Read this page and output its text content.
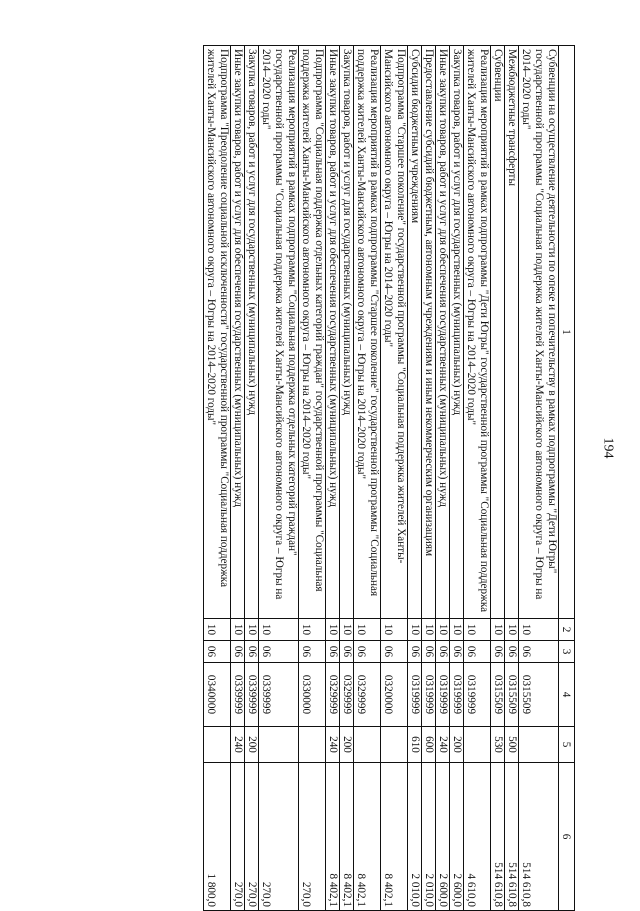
194
1	2	3	4	5	6
Субвенции на осуществление деятельности по опеке и попечительству в рамках подпрограммы "Дети Югры" государственной программы "Социальная поддержка жителей Ханты-Мансийского автономного округа – Югры на 2014–2020 годы"	10	06	0315509		514 610,8
Межбюджетные трансферты	10	06	0315509	500	514 610,8
Субвенции	10	06	0315509	530	514 610,8
Реализация мероприятий в рамках подпрограммы "Дети Югры" государственной программы "Социальная поддержка жителей Ханты-Мансийского автономного округа – Югры на 2014–2020 годы"	10	06	0319999		4 610,0
Закупка товаров, работ и услуг для государственных (муниципальных) нужд	10	06	0319999	200	2 600,0
Иные закупки товаров, работ и услуг для обеспечения государственных (муниципальных) нужд	10	06	0319999	240	2 600,0
Предоставление субсидий бюджетным, автономным учреждениям и иным некоммерческим организациям	10	06	0319999	600	2 010,0
Субсидии бюджетным учреждениям	10	06	0319999	610	2 010,0
Подпрограмма "Старшее поколение" государственной программы "Социальная поддержка жителей Ханты-Мансийского автономного округа – Югры на 2014–2020 годы"	10	06	0320000		8 402,1
Реализация мероприятий в рамках подпрограммы "Старшее поколение" государственной программы "Социальная поддержка жителей Ханты-Мансийского автономного округа – Югры на 2014–2020 годы"	10	06	0329999		8 402,1
Закупка товаров, работ и услуг для государственных (муниципальных) нужд	10	06	0329999	200	8 402,1
Иные закупки товаров, работ и услуг для обеспечения государственных (муниципальных) нужд	10	06	0329999	240	8 402,1
Подпрограмма "Социальная поддержка отдельных категорий граждан" государственной программы "Социальная поддержка жителей Ханты-Мансийского автономного округа – Югры на 2014–2020 годы"	10	06	0330000		270,0
Реализация мероприятий в рамках подпрограммы "Социальная поддержка отдельных категорий граждан" государственной программы "Социальная поддержка жителей Ханты-Мансийского автономного округа – Югры на 2014–2020 годы"	10	06	0339999		270,0
Закупка товаров, работ и услуг для государственных (муниципальных) нужд	10	06	0339999	200	270,0
Иные закупки товаров, работ и услуг для обеспечения государственных (муниципальных) нужд	10	06	0339999	240	270,0
Подпрограмма "Преодоление социальной исключенности" государственной программы "Социальная поддержка жителей Ханты-Мансийского автономного округа – Югры на 2014–2020 годы"	10	06	0340000		1 800,0
